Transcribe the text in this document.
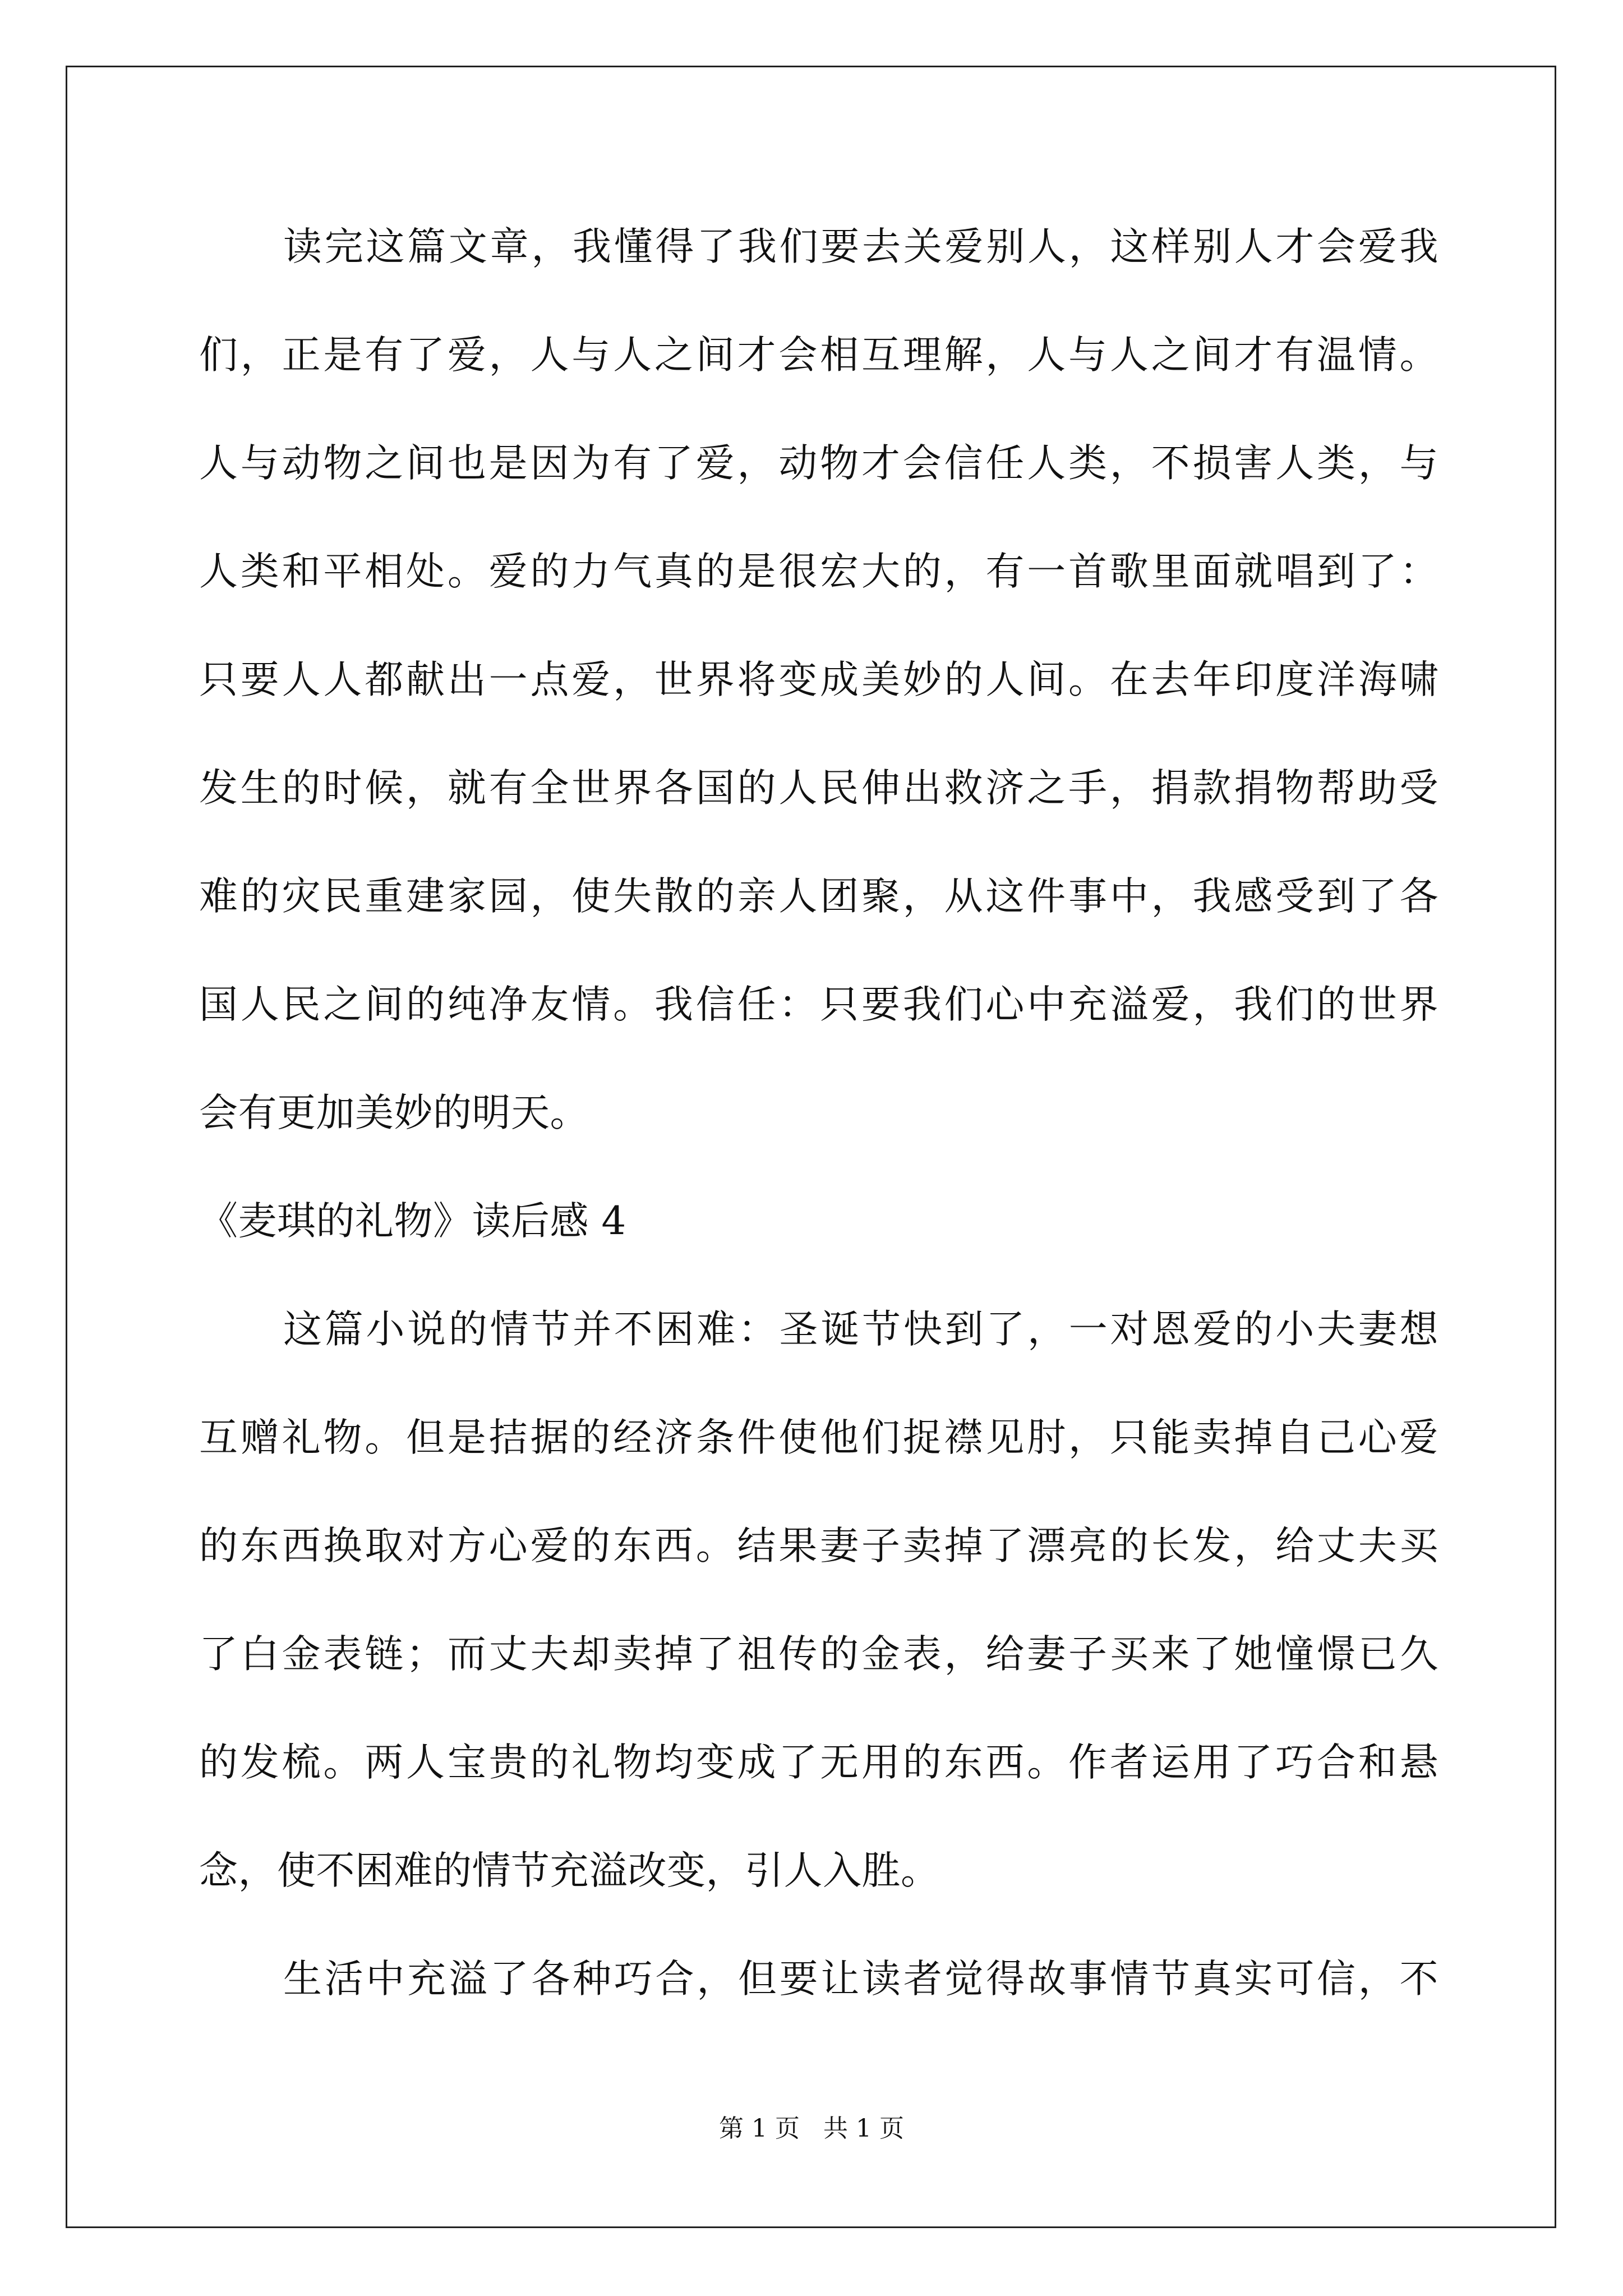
读完这篇文章，我懂得了我们要去关爱别人，这样别人才会爱我
们，正是有了爱，人与人之间才会相互理解，人与人之间才有温情。
人与动物之间也是因为有了爱，动物才会信任人类，不损害人类，与
人类和平相处。爱的力气真的是很宏大的，有一首歌里面就唱到了：
只要人人都献出一点爱，世界将变成美妙的人间。在去年印度洋海啸
发生的时候，就有全世界各国的人民伸出救济之手，捐款捐物帮助受
难的灾民重建家园，使失散的亲人团聚，从这件事中，我感受到了各
国人民之间的纯净友情。我信任：只要我们心中充溢爱，我们的世界
会有更加美妙的明天。
《麦琪的礼物》读后感 4
这篇小说的情节并不困难：圣诞节快到了，一对恩爱的小夫妻想
互赠礼物。但是拮据的经济条件使他们捉襟见肘，只能卖掉自己心爱
的东西换取对方心爱的东西。结果妻子卖掉了漂亮的长发，给丈夫买
了白金表链；而丈夫却卖掉了祖传的金表，给妻子买来了她憧憬已久
的发梳。两人宝贵的礼物均变成了无用的东西。作者运用了巧合和悬
念，使不困难的情节充溢改变，引人入胜。
生活中充溢了各种巧合，但要让读者觉得故事情节真实可信，不
第 1 页   共 1 页
